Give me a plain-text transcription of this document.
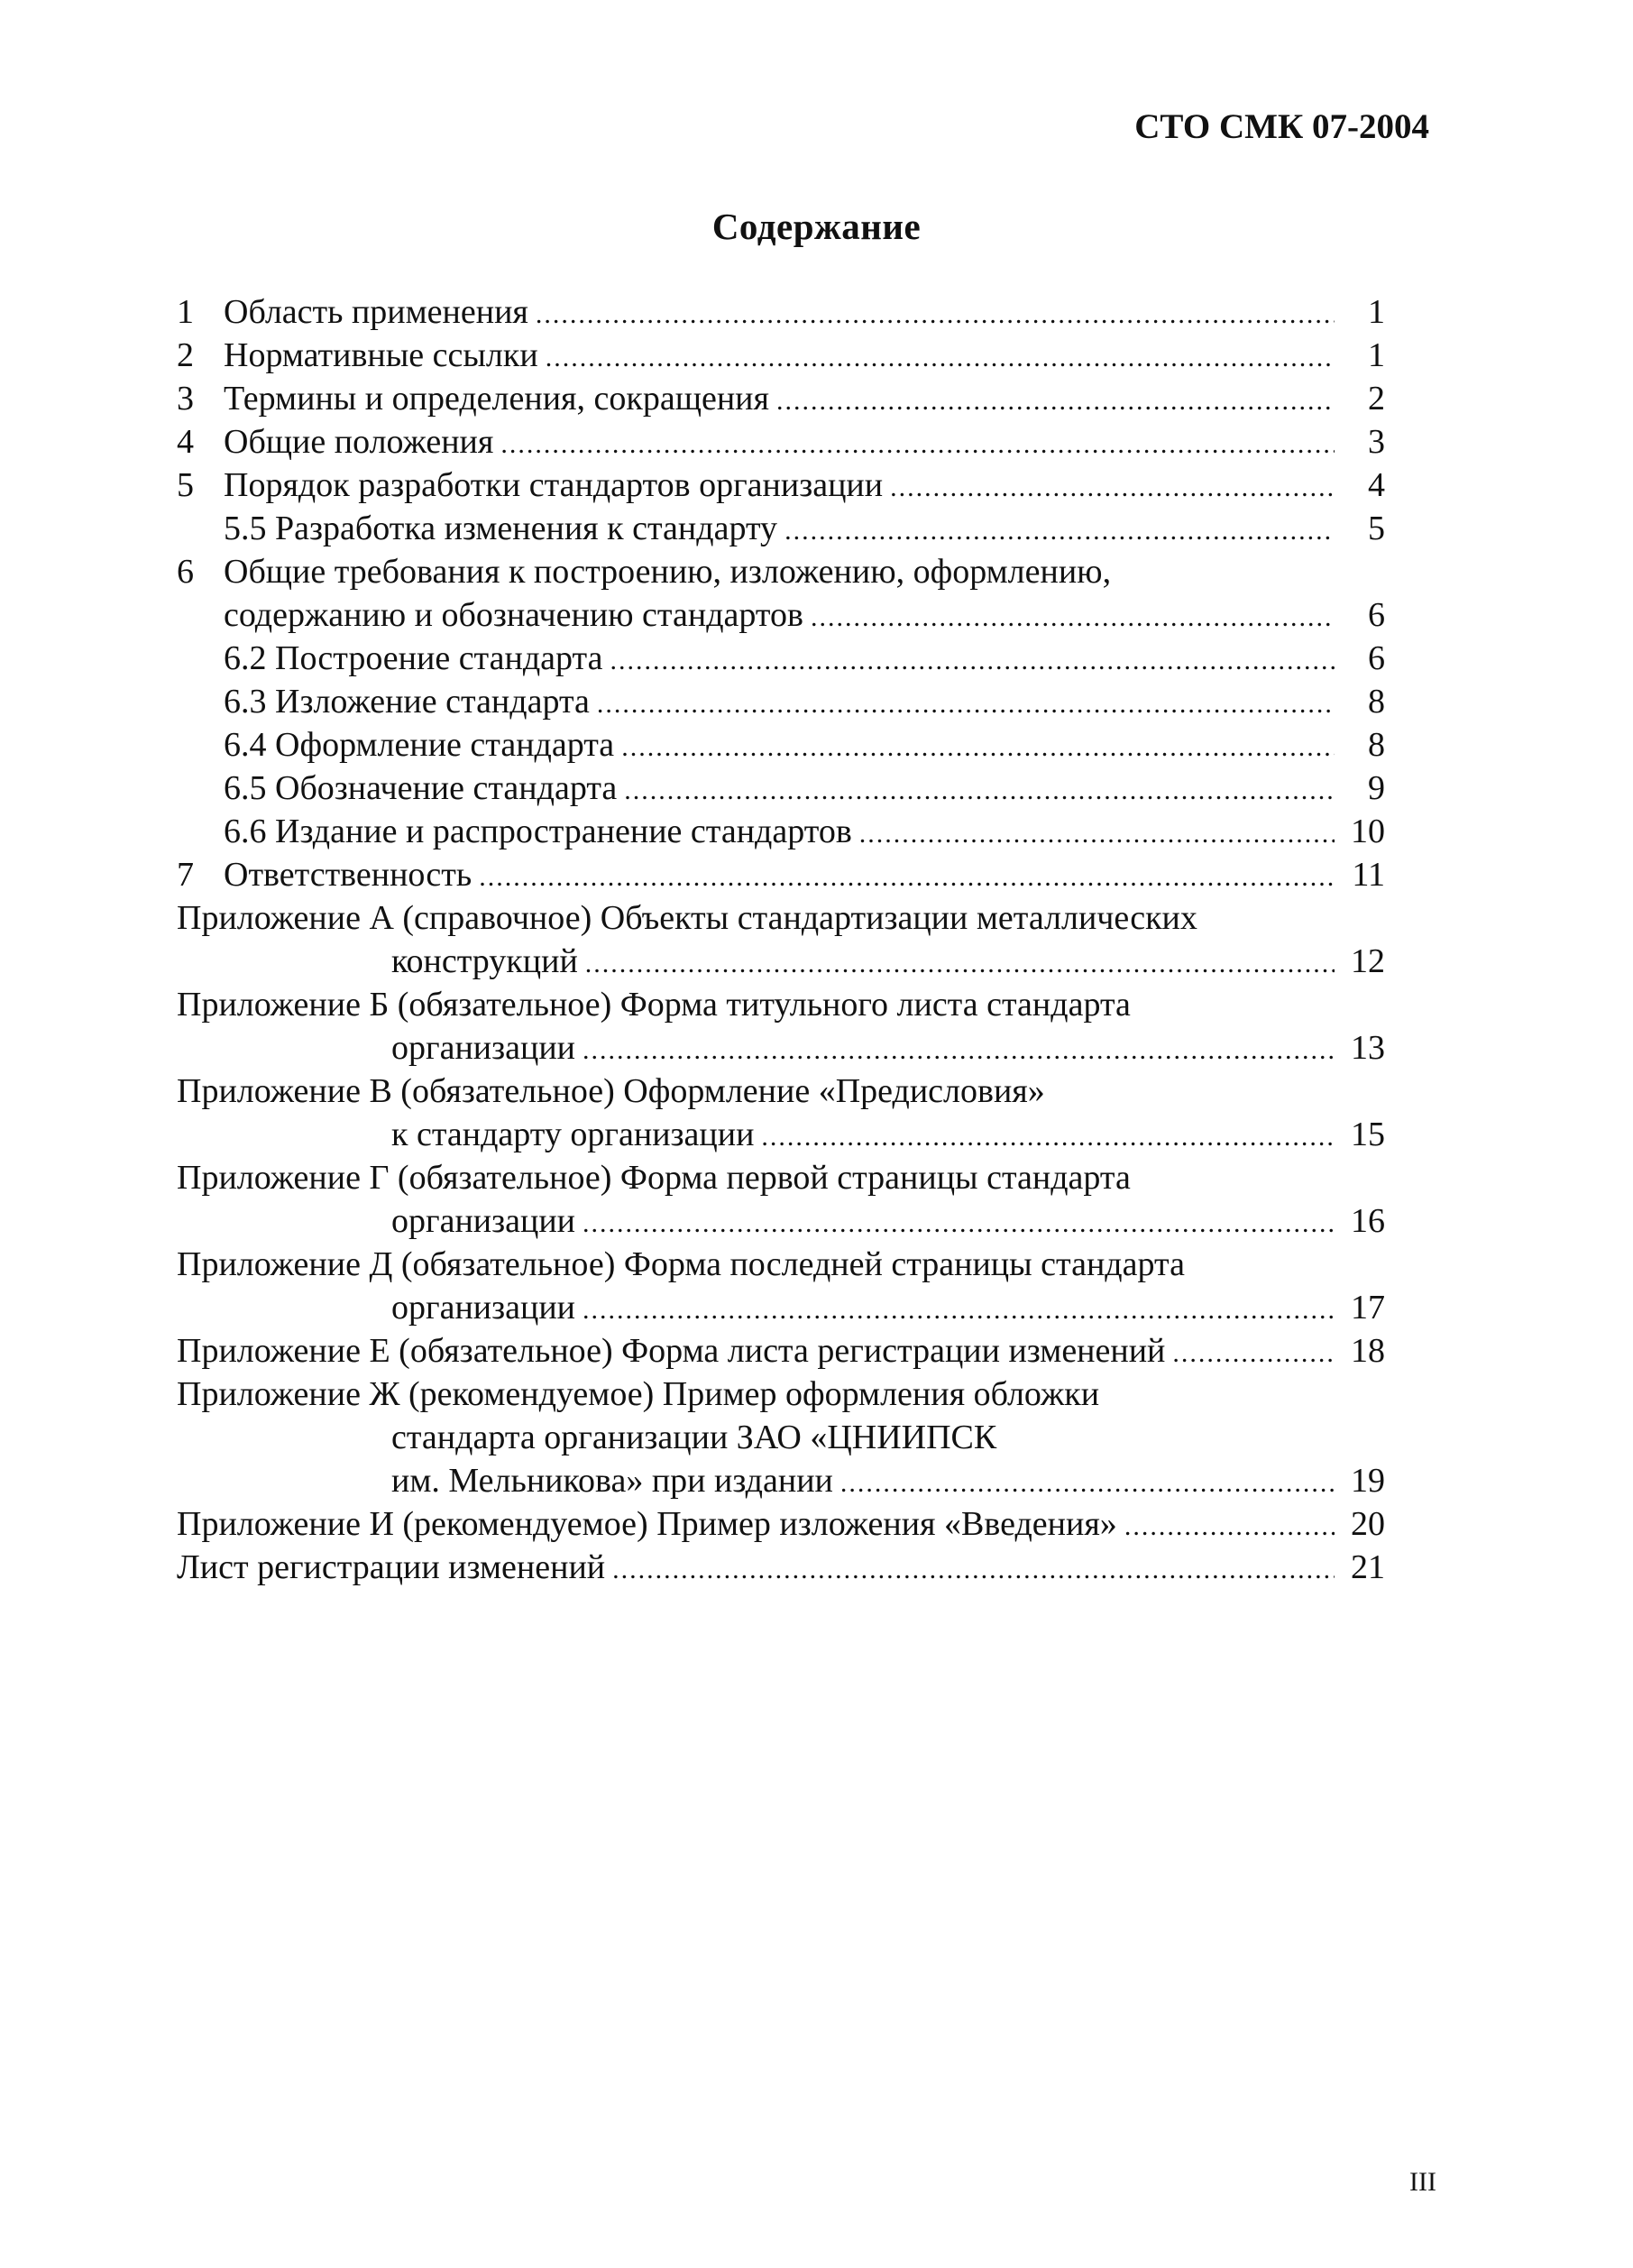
СТО СМК 07-2004
Содержание
1 Область применения .....	1
2 Нормативные ссылки .....	1
3 Термины и определения, сокращения .....	2
4 Общие положения .....	3
5 Порядок разработки стандартов организации .....	4
5.5 Разработка изменения к стандарту .....	5
6 Общие требования к построению, изложению, оформлению,
содержанию и обозначению стандартов .....	6
6.2 Построение стандарта .....	6
6.3 Изложение стандарта .....	8
6.4 Оформление стандарта .....	8
6.5 Обозначение стандарта .....	9
6.6 Издание и распространение стандартов .....	10
7 Ответственность .....	11
Приложение А (справочное) Объекты стандартизации металлических
конструкций .....	12
Приложение Б (обязательное) Форма титульного листа стандарта
организации .....	13
Приложение В (обязательное) Оформление «Предисловия»
к стандарту организации .....	15
Приложение Г (обязательное) Форма первой страницы стандарта
организации .....	16
Приложение Д (обязательное) Форма последней страницы стандарта
организации .....	17
Приложение Е (обязательное) Форма листа регистрации изменений .....	18
Приложение Ж (рекомендуемое) Пример оформления обложки
стандарта организации ЗАО «ЦНИИПСК
им. Мельникова» при издании .....	19
Приложение И (рекомендуемое) Пример изложения «Введения» .....	20
Лист регистрации изменений .....	21
III
